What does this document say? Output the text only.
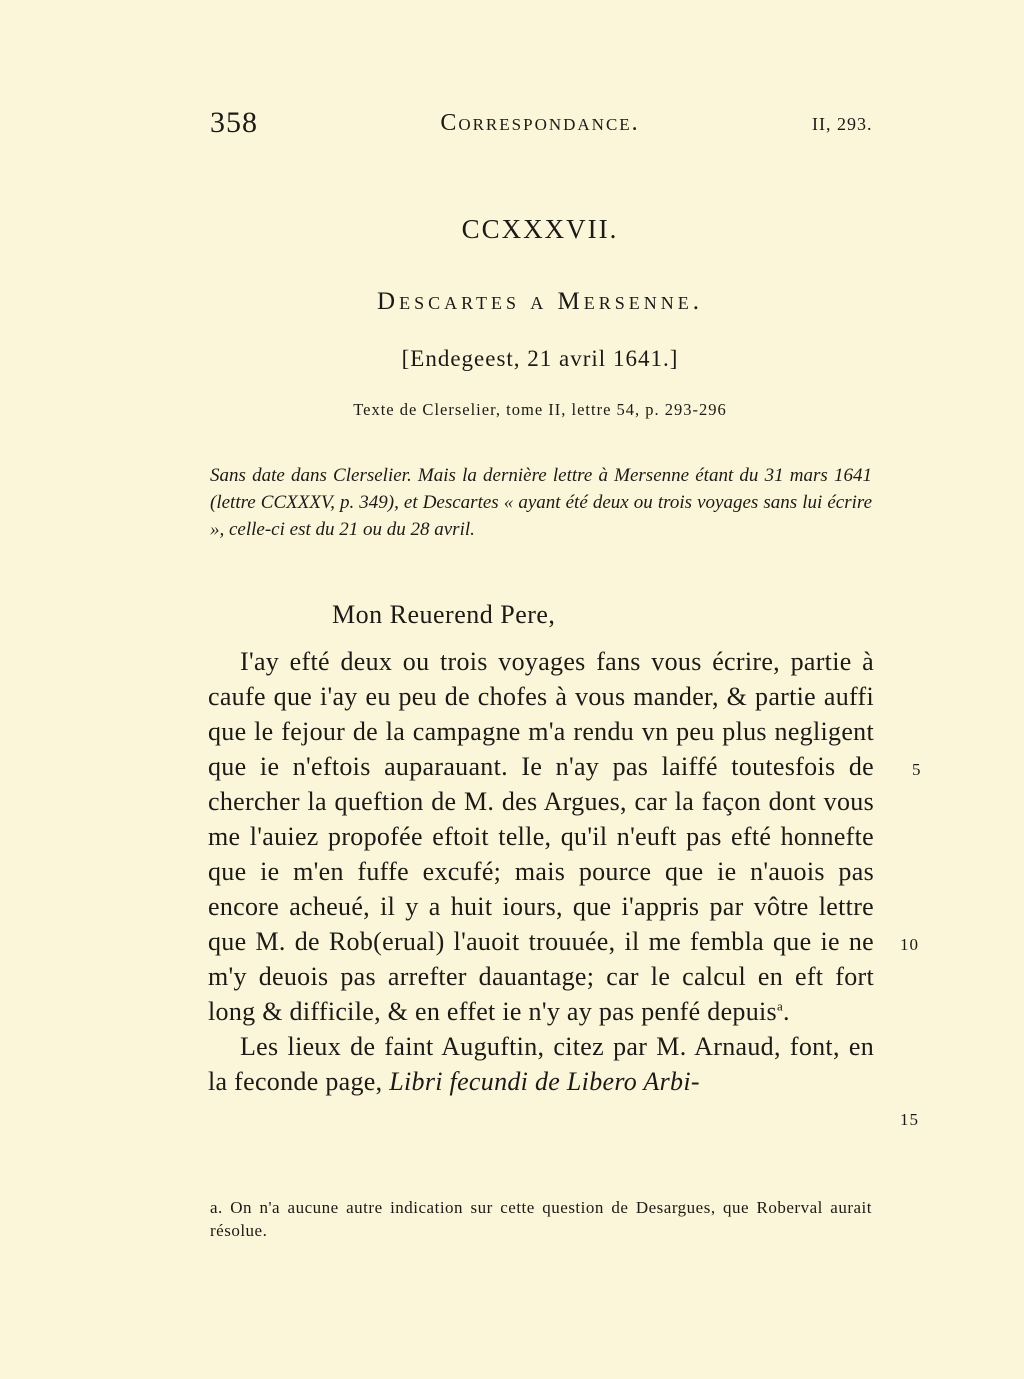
358	Correspondance.	II, 293.
CCXXXVII.
Descartes a Mersenne.
[Endegeest, 21 avril 1641.]
Texte de Clerselier, tome II, lettre 54, p. 293-296
Sans date dans Clerselier. Mais la dernière lettre à Mersenne étant du 31 mars 1641 (lettre CCXXXV, p. 349), et Descartes « ayant été deux ou trois voyages sans lui écrire », celle-ci est du 21 ou du 28 avril.
Mon Reuerend Pere,

I'ay efté deux ou trois voyages fans vous écrire, partie à caufe que i'ay eu peu de chofes à vous mander, & partie auffi que le fejour de la campagne m'a rendu vn peu plus negligent que ie n'eftois auparauant. Ie n'ay pas laiffé toutesfois de chercher la queftion de M. des Argues, car la façon dont vous me l'auiez propofée eftoit telle, qu'il n'euft pas efté honnefte que ie m'en fuffe excufé; mais pource que ie n'auois pas encore acheué, il y a huit iours, que i'appris par vôtre lettre que M. de Rob(erual) l'auoit trouuée, il me fembla que ie ne m'y deuois pas arrefter dauantage; car le calcul en eft fort long & difficile, & en effet ie n'y ay pas penfé depuis$^a$.

Les lieux de faint Auguftin, citez par M. Arnaud, font, en la feconde page, Libri fecundi de Libero Arbi-

5
10
15
a. On n'a aucune autre indication sur cette question de Desargues, que Roberval aurait résolue.
